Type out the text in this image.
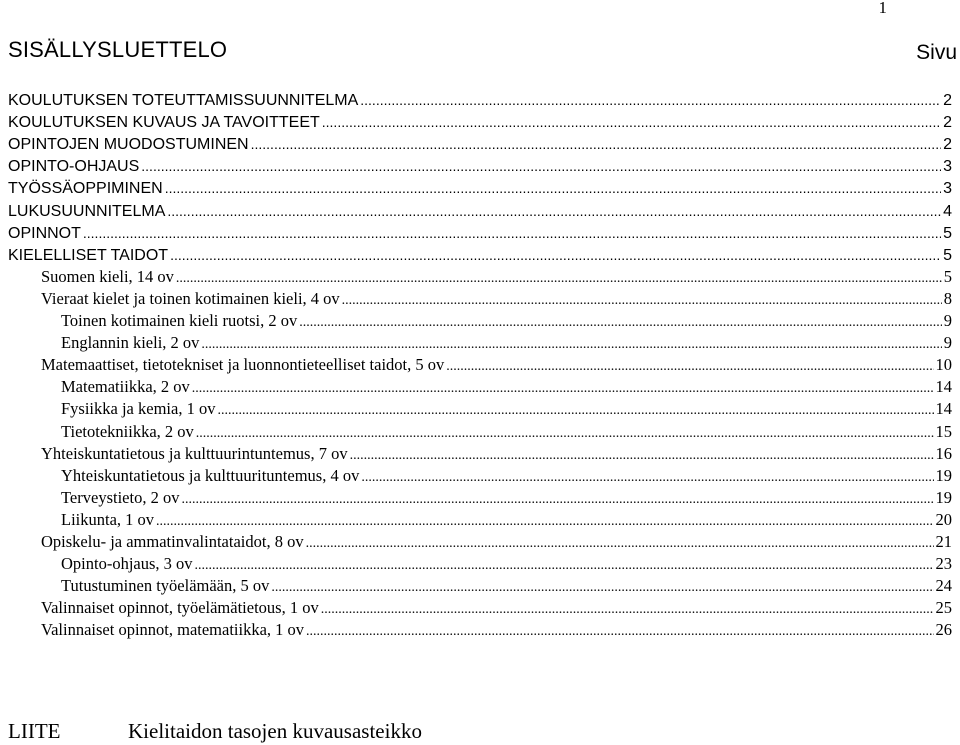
1
SISÄLLYSLUETTELO	Sivu
KOULUTUKSEN TOTEUTTAMISSUUNNITELMA .....	2
KOULUTUKSEN KUVAUS JA TAVOITTEET .....	2
OPINTOJEN MUODOSTUMINEN .....	2
OPINTO-OHJAUS .....	3
TYÖSSÄOPPIMINEN .....	3
LUKUSUUNNITELMA .....	4
OPINNOT .....	5
KIELELLISET TAIDOT .....	5
Suomen kieli, 14 ov .....	5
Vieraat kielet ja toinen kotimainen kieli, 4 ov .....	8
Toinen kotimainen kieli ruotsi, 2 ov .....	9
Englannin kieli, 2 ov .....	9
Matemaattiset, tietotekniset ja luonnontieteelliset taidot, 5 ov .....	10
Matematiikka, 2 ov .....	14
Fysiikka ja kemia, 1 ov .....	14
Tietotekniikka, 2 ov .....	15
Yhteiskuntatietous ja kulttuurintuntemus, 7 ov .....	16
Yhteiskuntatietous ja kulttuurituntemus, 4 ov .....	19
Terveystieto, 2 ov .....	19
Liikunta, 1 ov .....	20
Opiskelu- ja ammatinvalintataidot, 8 ov .....	21
Opinto-ohjaus, 3 ov .....	23
Tutustuminen työelämään, 5 ov .....	24
Valinnaiset opinnot, työelämätietous, 1 ov .....	25
Valinnaiset opinnot, matematiikka, 1 ov .....	26
LIITE	Kielitaidon tasojen kuvausasteikko
